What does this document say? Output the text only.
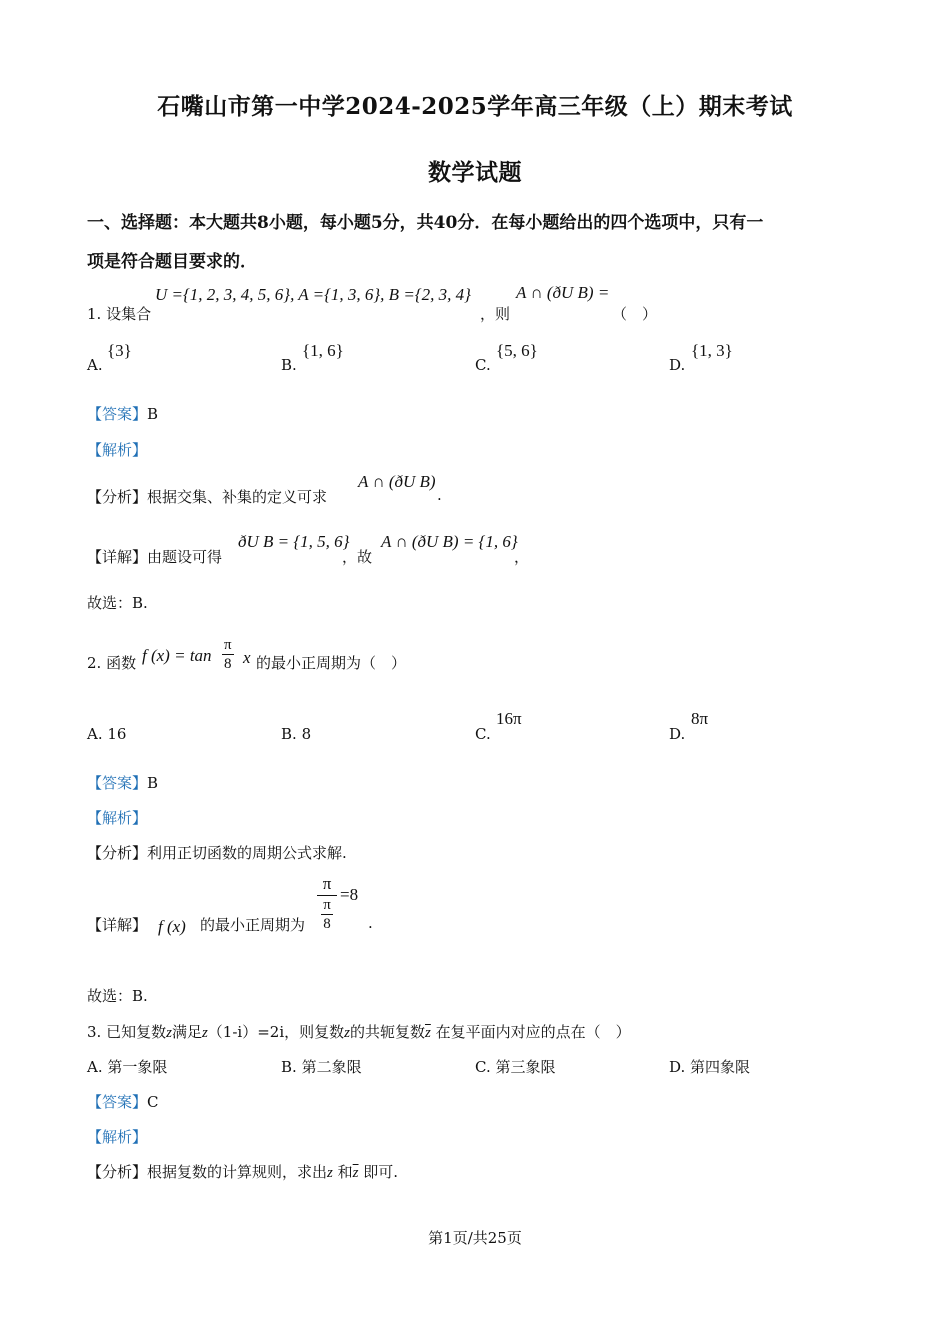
石嘴山市第一中学2024-2025学年高三年级（上）期末考试
数学试题
一、选择题：本大题共8小题，每小题5分，共40分．在每小题给出的四个选项中，只有一
项是符合题目要求的．
1. 设集合
U ={1, 2, 3, 4, 5, 6}, A ={1, 3, 6}, B ={2, 3, 4}
，则
A ∩ (ðU B) =
（　）
A.
{3}
B.
{1, 6}
C.
{5, 6}
D.
{1, 3}
【答案】B
【解析】
【分析】根据交集、补集的定义可求
A ∩ (ðU B)
.
【详解】由题设可得
ðU B = {1, 5, 6}
，故
A ∩ (ðU B) = {1, 6}
，
故选：B.
2. 函数 f $(x) = \tan \frac{\pi}{8}$ x 的最小正周期为（　）
A. 16	B. 8	C.
16π
D.
8π
【答案】B
【解析】
【分析】利用正切函数的周期公式求解.
【详解】 f (x) 的最小正周期为
π
$\frac{\pi}{8}$
=8
.
故选：B.
3. 已知复数z满足z（1-i）=2i，则复数z的共轭复数$\overline{z}$ 在复平面内对应的点在（　）
A. 第一象限	B. 第二象限	C. 第三象限	D. 第四象限
【答案】C
【解析】
【分析】根据复数的计算规则，求出z 和$\overline{z}$ 即可.
第1页/共25页
